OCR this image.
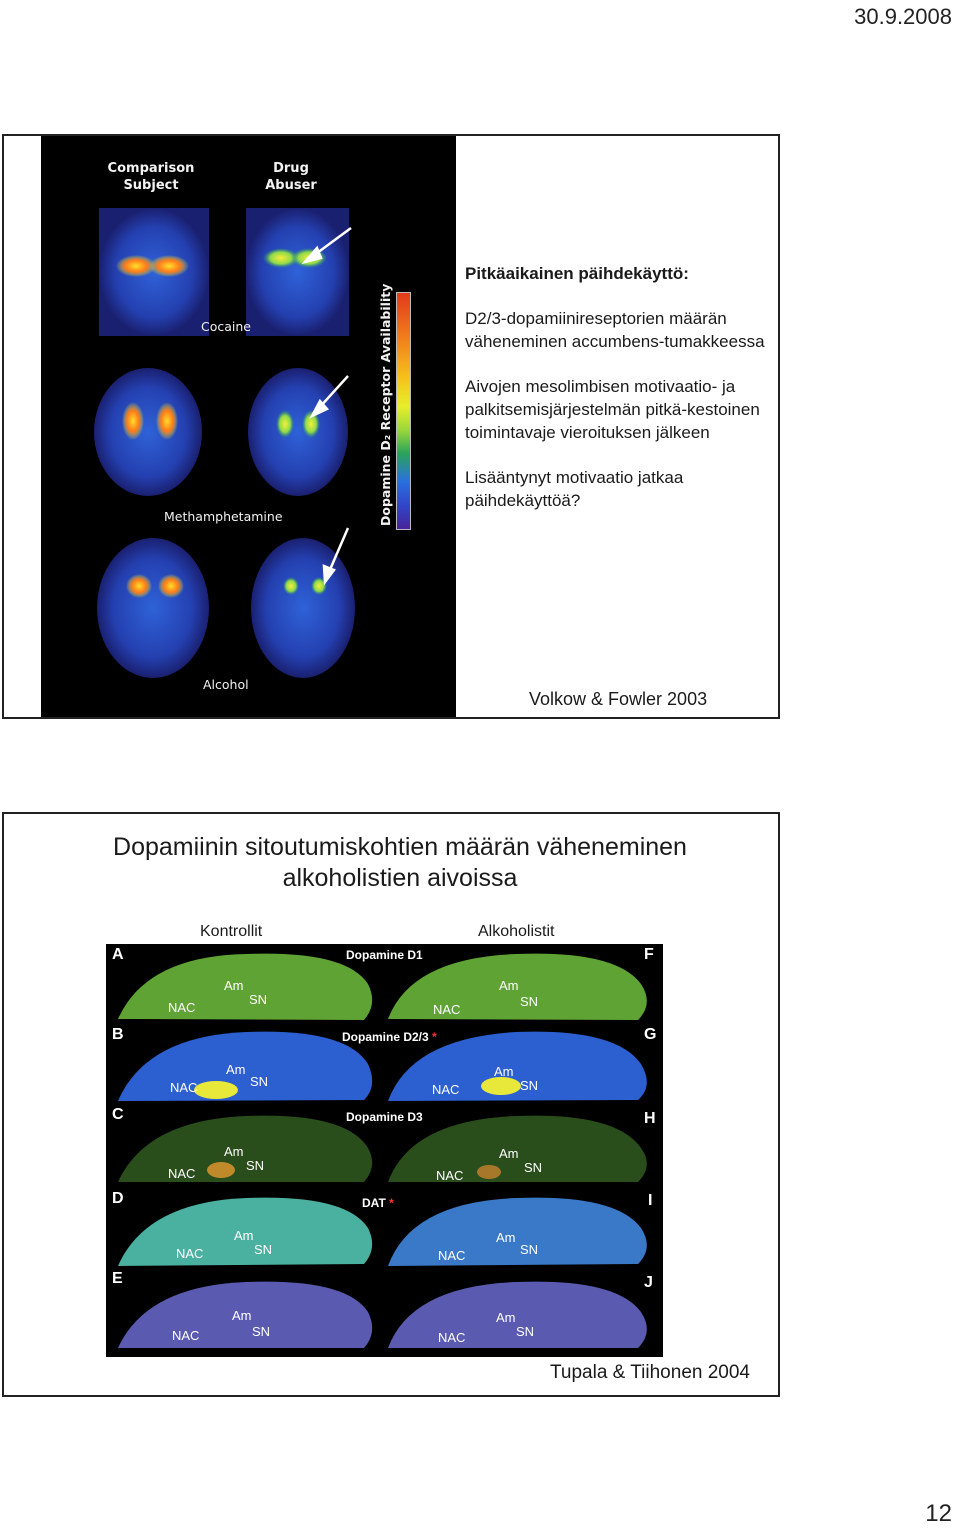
30.9.2008
Comparison
Subject
Drug
Abuser
Cocaine
Methamphetamine
Alcohol
Dopamine D₂ Receptor Availability
Pitkäaikainen päihdekäyttö:
D2/3-dopamiinireseptorien määrän väheneminen accumbens-tumakkeessa
Aivojen mesolimbisen motivaatio- ja palkitsemisjärjestelmän pitkä-kestoinen toimintavaje vieroituksen jälkeen
Lisääntynyt motivaatio jatkaa päihdekäyttöä?
Volkow & Fowler 2003
Dopamiinin sitoutumiskohtien määrän väheneminen
alkoholistien aivoissa
Kontrollit	Alkoholistit
A	F
Dopamine D1
B	G
Dopamine D2/3 *
C	H
Dopamine D3
D	I
DAT *
E	J
Am
SN
NAC
Am
SN
NAC
Am
SN
NAC
Am
SN
NAC
Am
SN
NAC
Am
SN
NAC
Am
SN
NAC
Am
SN
NAC
Am
SN
NAC
Am
SN
NAC
Tupala & Tiihonen 2004
12
